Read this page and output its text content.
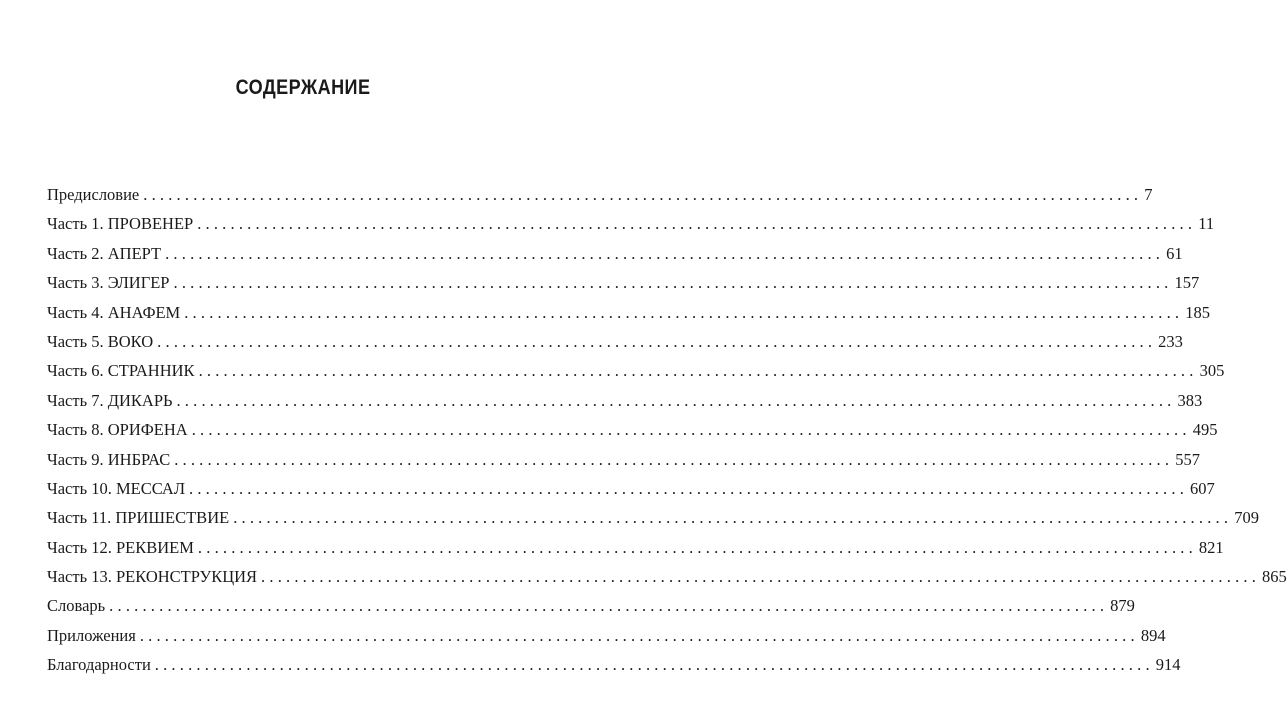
СОДЕРЖАНИЕ
Предисловие ........................................................................................................................ 7
Часть 1. ПРОВЕНЕР ........................................................................................................................ 11
Часть 2. АПЕРТ ........................................................................................................................ 61
Часть 3. ЭЛИГЕР ........................................................................................................................ 157
Часть 4. АНАФЕМ ........................................................................................................................ 185
Часть 5. ВОКО ........................................................................................................................ 233
Часть 6. СТРАННИК ........................................................................................................................ 305
Часть 7. ДИКАРЬ ........................................................................................................................ 383
Часть 8. ОРИФЕНА ........................................................................................................................ 495
Часть 9. ИНБРАС ........................................................................................................................ 557
Часть 10. МЕССАЛ ........................................................................................................................ 607
Часть 11. ПРИШЕСТВИЕ ........................................................................................................................ 709
Часть 12. РЕКВИЕМ ........................................................................................................................ 821
Часть 13. РЕКОНСТРУКЦИЯ ........................................................................................................................ 865
Словарь ........................................................................................................................ 879
Приложения ........................................................................................................................ 894
Благодарности ........................................................................................................................ 914
